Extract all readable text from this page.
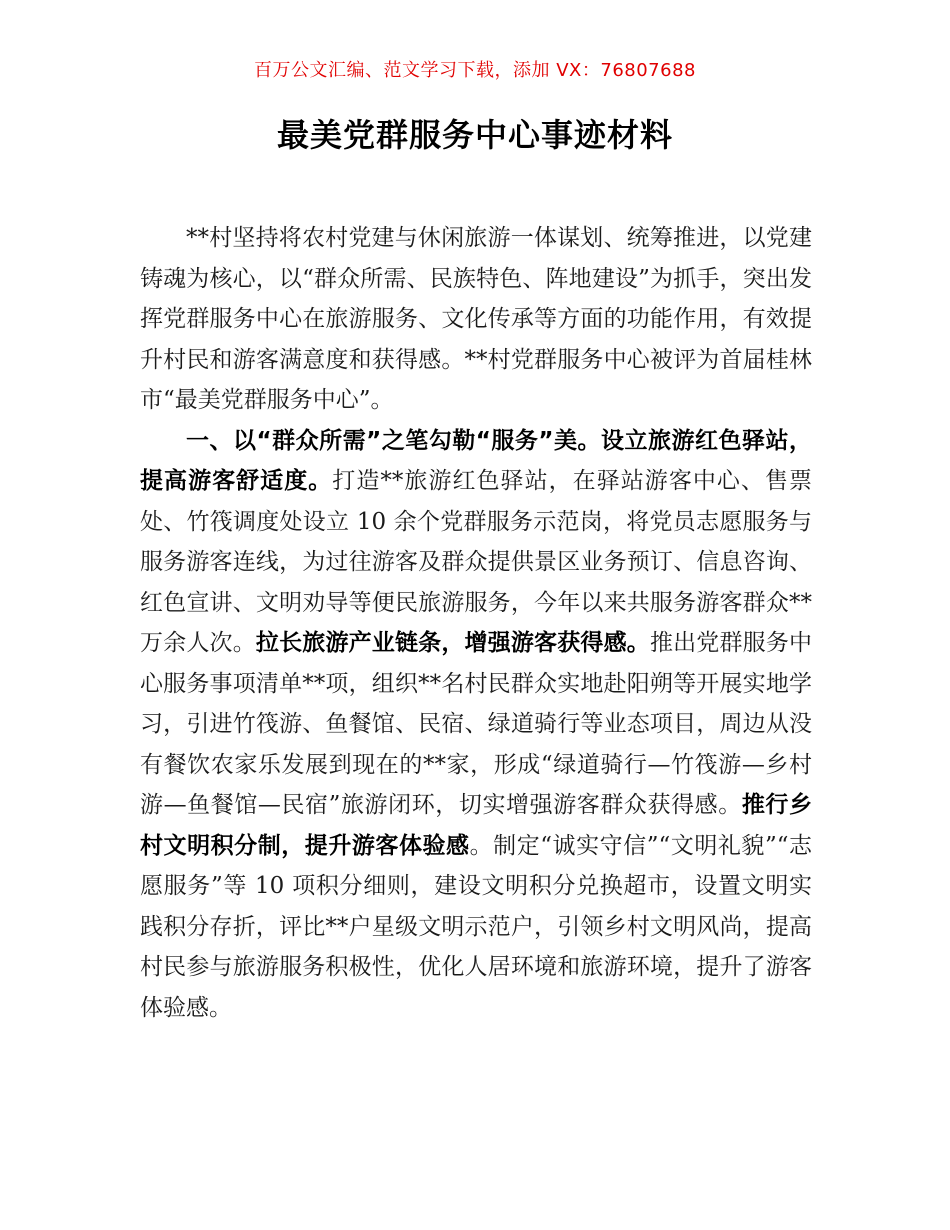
百万公文汇编、范文学习下载，添加 VX：76807688
最美党群服务中心事迹材料

**村坚持将农村党建与休闲旅游一体谋划、统筹推进，以党建铸魂为核心，以“群众所需、民族特色、阵地建设”为抓手，突出发挥党群服务中心在旅游服务、文化传承等方面的功能作用，有效提升村民和游客满意度和获得感。**村党群服务中心被评为首届桂林市“最美党群服务中心”。

一、以“群众所需”之笔勾勒“服务”美。设立旅游红色驿站，提高游客舒适度。打造**旅游红色驿站，在驿站游客中心、售票处、竹筏调度处设立 10 余个党群服务示范岗，将党员志愿服务与服务游客连线，为过往游客及群众提供景区业务预订、信息咨询、红色宣讲、文明劝导等便民旅游服务，今年以来共服务游客群众**万余人次。拉长旅游产业链条，增强游客获得感。推出党群服务中心服务事项清单**项，组织**名村民群众实地赴阳朔等开展实地学习，引进竹筏游、鱼餐馆、民宿、绿道骑行等业态项目，周边从没有餐饮农家乐发展到现在的**家，形成“绿道骑行—竹筏游—乡村游—鱼餐馆—民宿”旅游闭环，切实增强游客群众获得感。推行乡村文明积分制，提升游客体验感。制定“诚实守信”“文明礼貌”“志愿服务”等 10 项积分细则，建设文明积分兑换超市，设置文明实践积分存折，评比**户星级文明示范户，引领乡村文明风尚，提高村民参与旅游服务积极性，优化人居环境和旅游环境，提升了游客体验感。
